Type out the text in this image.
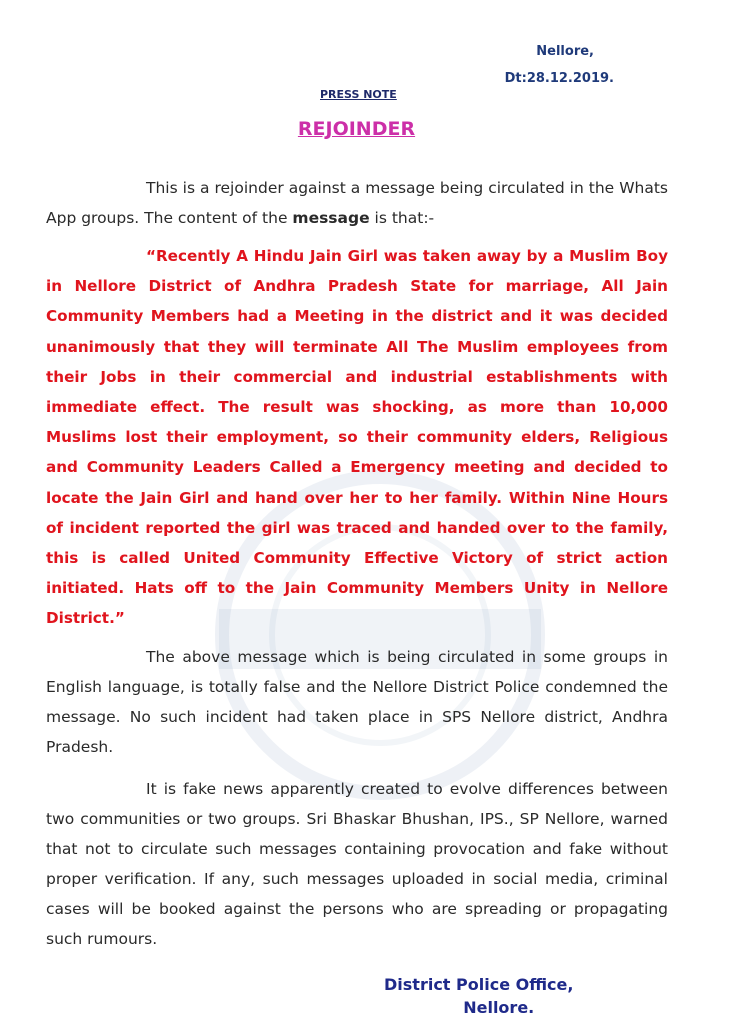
Nellore,
Dt:28.12.2019.
PRESS NOTE
REJOINDER

This is a rejoinder against a message being circulated in the Whats App groups. The content of the message is that:-

“Recently A Hindu Jain Girl was taken away by a Muslim Boy in Nellore District of Andhra Pradesh State for marriage, All Jain Community Members had a Meeting in the district and it was decided unanimously that they will terminate All The Muslim employees from their Jobs in their commercial and industrial establishments with immediate effect. The result was shocking, as more than 10,000 Muslims lost their employment, so their community elders, Religious and Community Leaders Called a Emergency meeting and decided to locate the Jain Girl and hand over her to her family. Within Nine Hours of incident reported the girl was traced and handed over to the family, this is called United Community Effective Victory of strict action initiated. Hats off to the Jain Community Members Unity in Nellore District.”

The above message which is being circulated in some groups in English language, is totally false and the Nellore District Police condemned the message. No such incident had taken place in SPS Nellore district, Andhra Pradesh.

It is fake news apparently created to evolve differences between two communities or two groups. Sri Bhaskar Bhushan, IPS., SP Nellore, warned that not to circulate such messages containing provocation and fake without proper verification. If any, such messages uploaded in social media, criminal cases will be booked against the persons who are spreading or propagating such rumours.

District Police Office,
Nellore.
